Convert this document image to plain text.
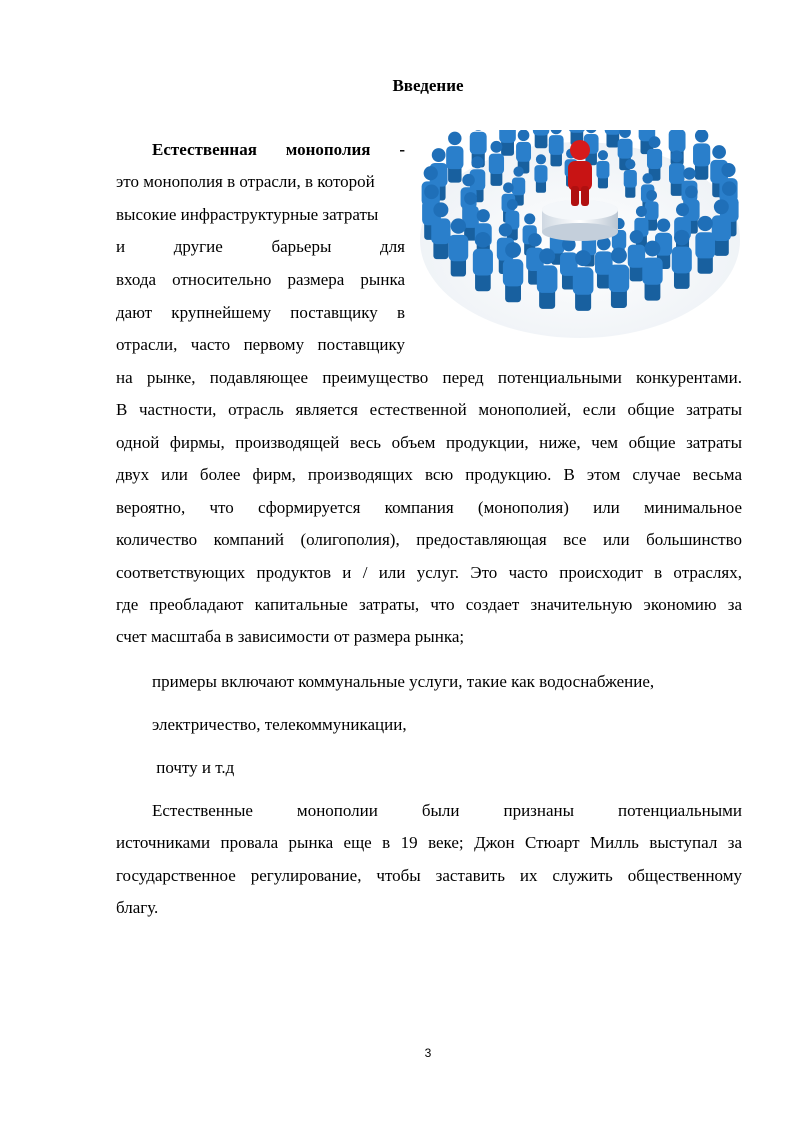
Введение
Естественная монополия -
это монополия в отрасли, в которой
высокие инфраструктурные затраты
и другие барьеры для
входа относительно размера рынка
дают крупнейшему поставщику в
отрасли, часто первому поставщику
на рынке, подавляющее преимущество перед потенциальными конкурентами.
В частности, отрасль является естественной монополией, если общие затраты
одной фирмы, производящей весь объем продукции, ниже, чем общие затраты
двух или более фирм, производящих всю продукцию. В этом случае весьма
вероятно, что сформируется компания (монополия) или минимальное
количество компаний (олигополия), предоставляющая все или большинство
соответствующих продуктов и / или услуг. Это часто происходит в отраслях,
где преобладают капитальные затраты, что создает значительную экономию за
счет масштаба в зависимости от размера рынка;
примеры включают коммунальные услуги, такие как водоснабжение,
электричество, телекоммуникации,
почту и т.д
Естественные монополии были признаны потенциальными
источниками провала рынка еще в 19 веке; Джон Стюарт Милль выступал за
государственное регулирование, чтобы заставить их служить общественному
благу.
3
